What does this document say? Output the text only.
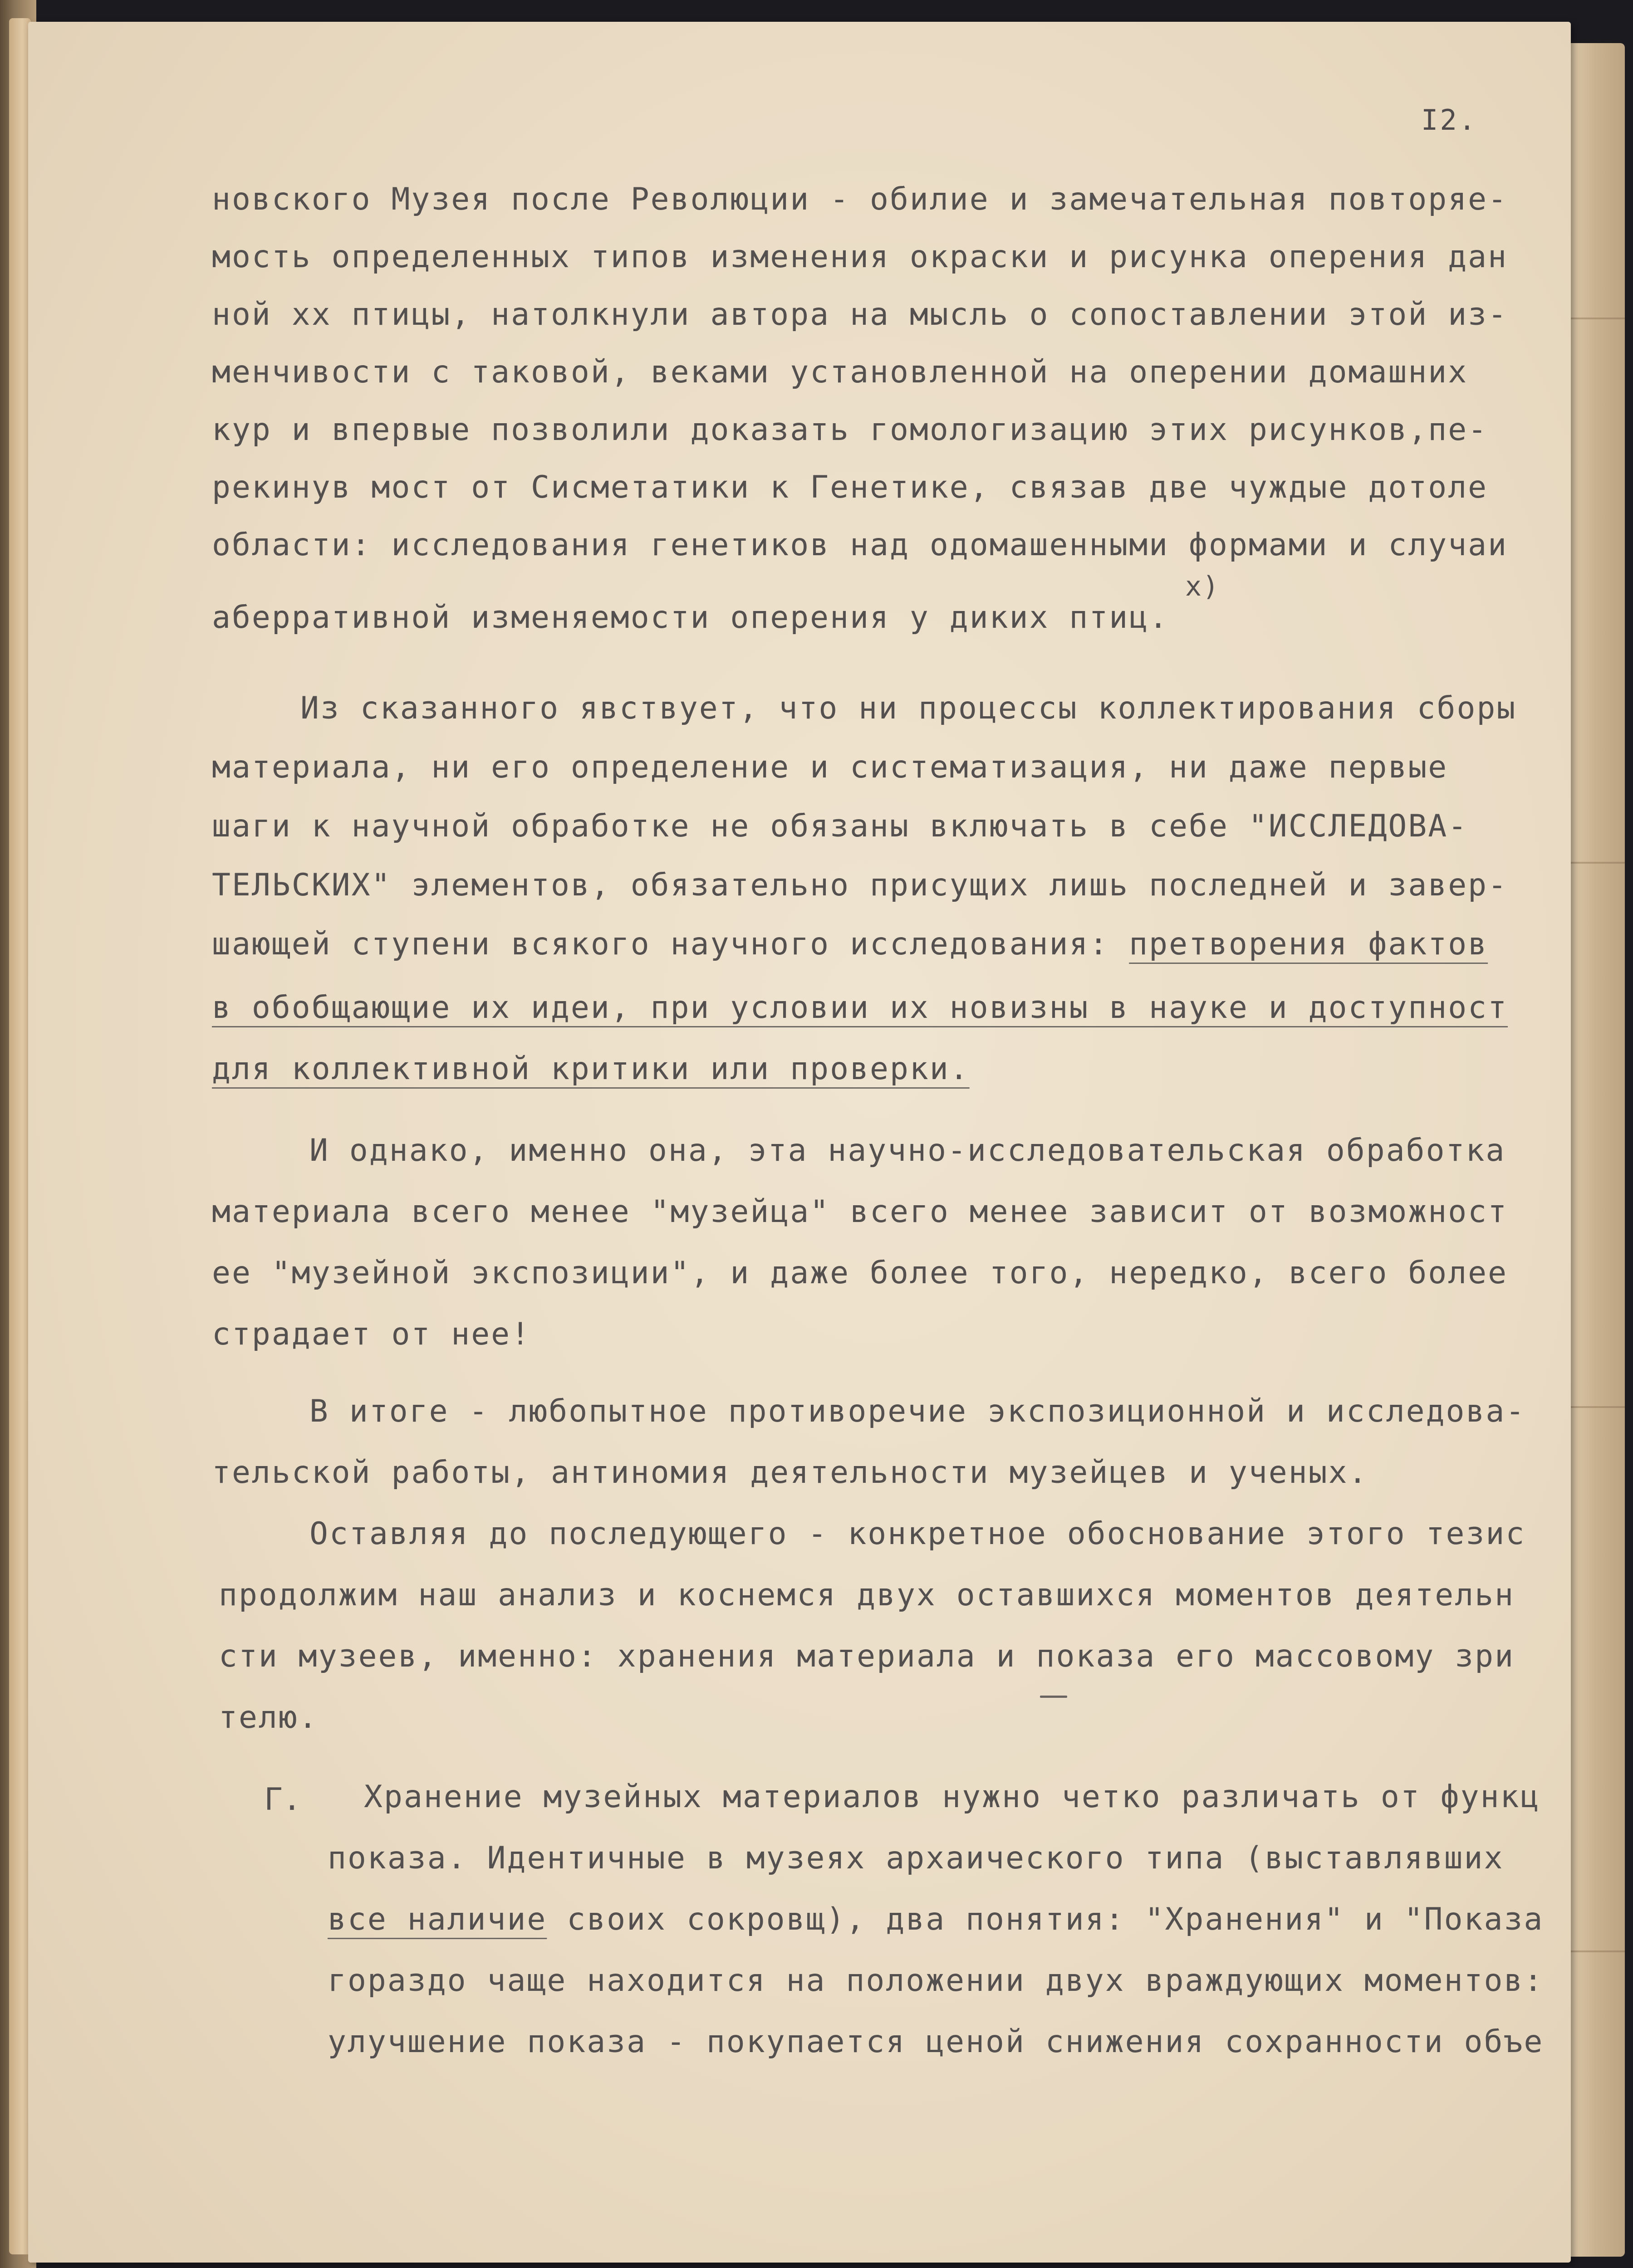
I2.
новского Музея после Революции - обилие и замечательная повторяе-
мость определенных типов изменения окраски и рисунка оперения дан
ной хх птицы, натолкнули автора на мысль о сопоставлении этой из-
менчивости с таковой, веками установленной на оперении домашних
кур и впервые позволили доказать гомологизацию этих рисунков,пе-
рекинув мост от Сисметатики к Генетике, связав две чуждые дотоле
x)
области: исследования генетиков над одомашенными формами и случаи
аберративной изменяемости оперения у диких птиц.
Из сказанного явствует, что ни процессы коллектирования сборы
материала, ни его определение и систематизация, ни даже первые
шаги к научной обработке не обязаны включать в себе "ИССЛЕДОВА-
ТЕЛЬСКИХ" элементов, обязательно присущих лишь последней и завер-
шающей ступени всякого научного исследования: претворения фактов
в обобщающие их идеи, при условии их новизны в науке и доступност
для коллективной критики или проверки.
И однако, именно она, эта научно-исследовательская обработка
материала всего менее "музейца" всего менее зависит от возможност
ее "музейной экспозиции", и даже более того, нередко, всего более
страдает от нее!
В итоге - любопытное противоречие экспозиционной и исследова-
тельской работы, антиномия деятельности музейцев и ученых.
Оставляя до последующего - конкретное обоснование этого тезис
продолжим наш анализ и коснемся двух оставшихся моментов деятельн
сти музеев, именно: хранения материала и показа его массовому зри
телю.
Г. Хранение музейных материалов нужно четко различать от функц
показа. Идентичные в музеях архаического типа (выставлявших
все наличие своих сокровщ), два понятия: "Хранения" и "Показа
гораздо чаще находится на положении двух враждующих моментов:
улучшение показа - покупается ценой снижения сохранности объе
